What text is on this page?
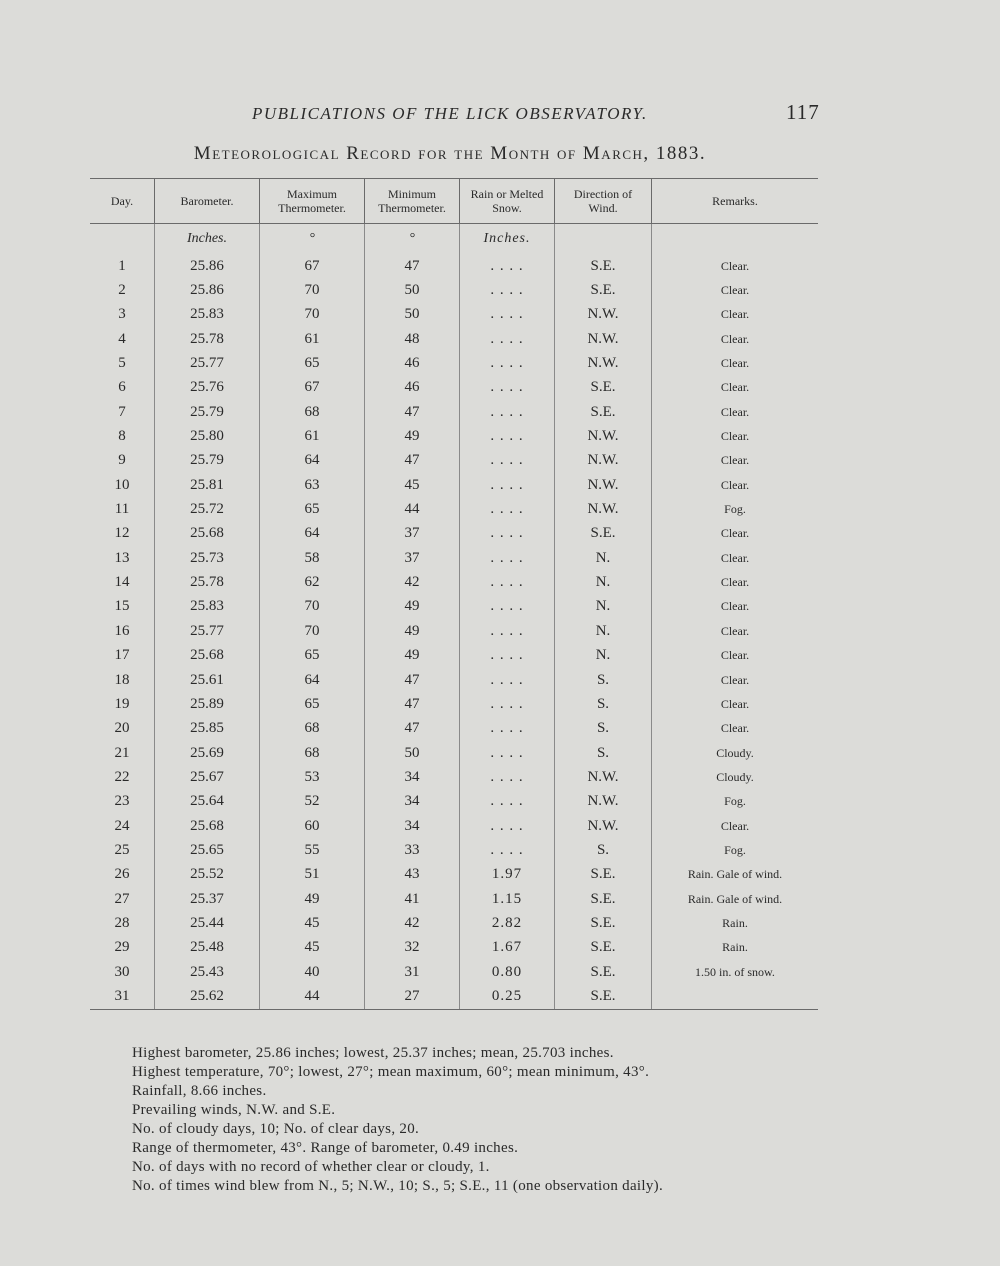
PUBLICATIONS OF THE LICK OBSERVATORY.	117
Meteorological Record for the Month of March, 1883.
Day.	Barometer.	Maximum Thermometer.	Minimum Thermometer.	Rain or Melted Snow.	Direction of Wind.	Remarks.
	Inches.	°	°	Inches.		
1	25.86	67	47	. . . .	S.E.	Clear.
2	25.86	70	50	. . . .	S.E.	Clear.
3	25.83	70	50	. . . .	N.W.	Clear.
4	25.78	61	48	. . . .	N.W.	Clear.
5	25.77	65	46	. . . .	N.W.	Clear.
6	25.76	67	46	. . . .	S.E.	Clear.
7	25.79	68	47	. . . .	S.E.	Clear.
8	25.80	61	49	. . . .	N.W.	Clear.
9	25.79	64	47	. . . .	N.W.	Clear.
10	25.81	63	45	. . . .	N.W.	Clear.
11	25.72	65	44	. . . .	N.W.	Fog.
12	25.68	64	37	. . . .	S.E.	Clear.
13	25.73	58	37	. . . .	N.	Clear.
14	25.78	62	42	. . . .	N.	Clear.
15	25.83	70	49	. . . .	N.	Clear.
16	25.77	70	49	. . . .	N.	Clear.
17	25.68	65	49	. . . .	N.	Clear.
18	25.61	64	47	. . . .	S.	Clear.
19	25.89	65	47	. . . .	S.	Clear.
20	25.85	68	47	. . . .	S.	Clear.
21	25.69	68	50	. . . .	S.	Cloudy.
22	25.67	53	34	. . . .	N.W.	Cloudy.
23	25.64	52	34	. . . .	N.W.	Fog.
24	25.68	60	34	. . . .	N.W.	Clear.
25	25.65	55	33	. . . .	S.	Fog.
26	25.52	51	43	1.97	S.E.	Rain. Gale of wind.
27	25.37	49	41	1.15	S.E.	Rain. Gale of wind.
28	25.44	45	42	2.82	S.E.	Rain.
29	25.48	45	32	1.67	S.E.	Rain.
30	25.43	40	31	0.80	S.E.	1.50 in. of snow.
31	25.62	44	27	0.25	S.E.	
Highest barometer, 25.86 inches; lowest, 25.37 inches; mean, 25.703 inches.
Highest temperature, 70°; lowest, 27°; mean maximum, 60°; mean minimum, 43°.
Rainfall, 8.66 inches.
Prevailing winds, N.W. and S.E.
No. of cloudy days, 10; No. of clear days, 20.
Range of thermometer, 43°. Range of barometer, 0.49 inches.
No. of days with no record of whether clear or cloudy, 1.
No. of times wind blew from N., 5; N.W., 10; S., 5; S.E., 11 (one observation daily).
